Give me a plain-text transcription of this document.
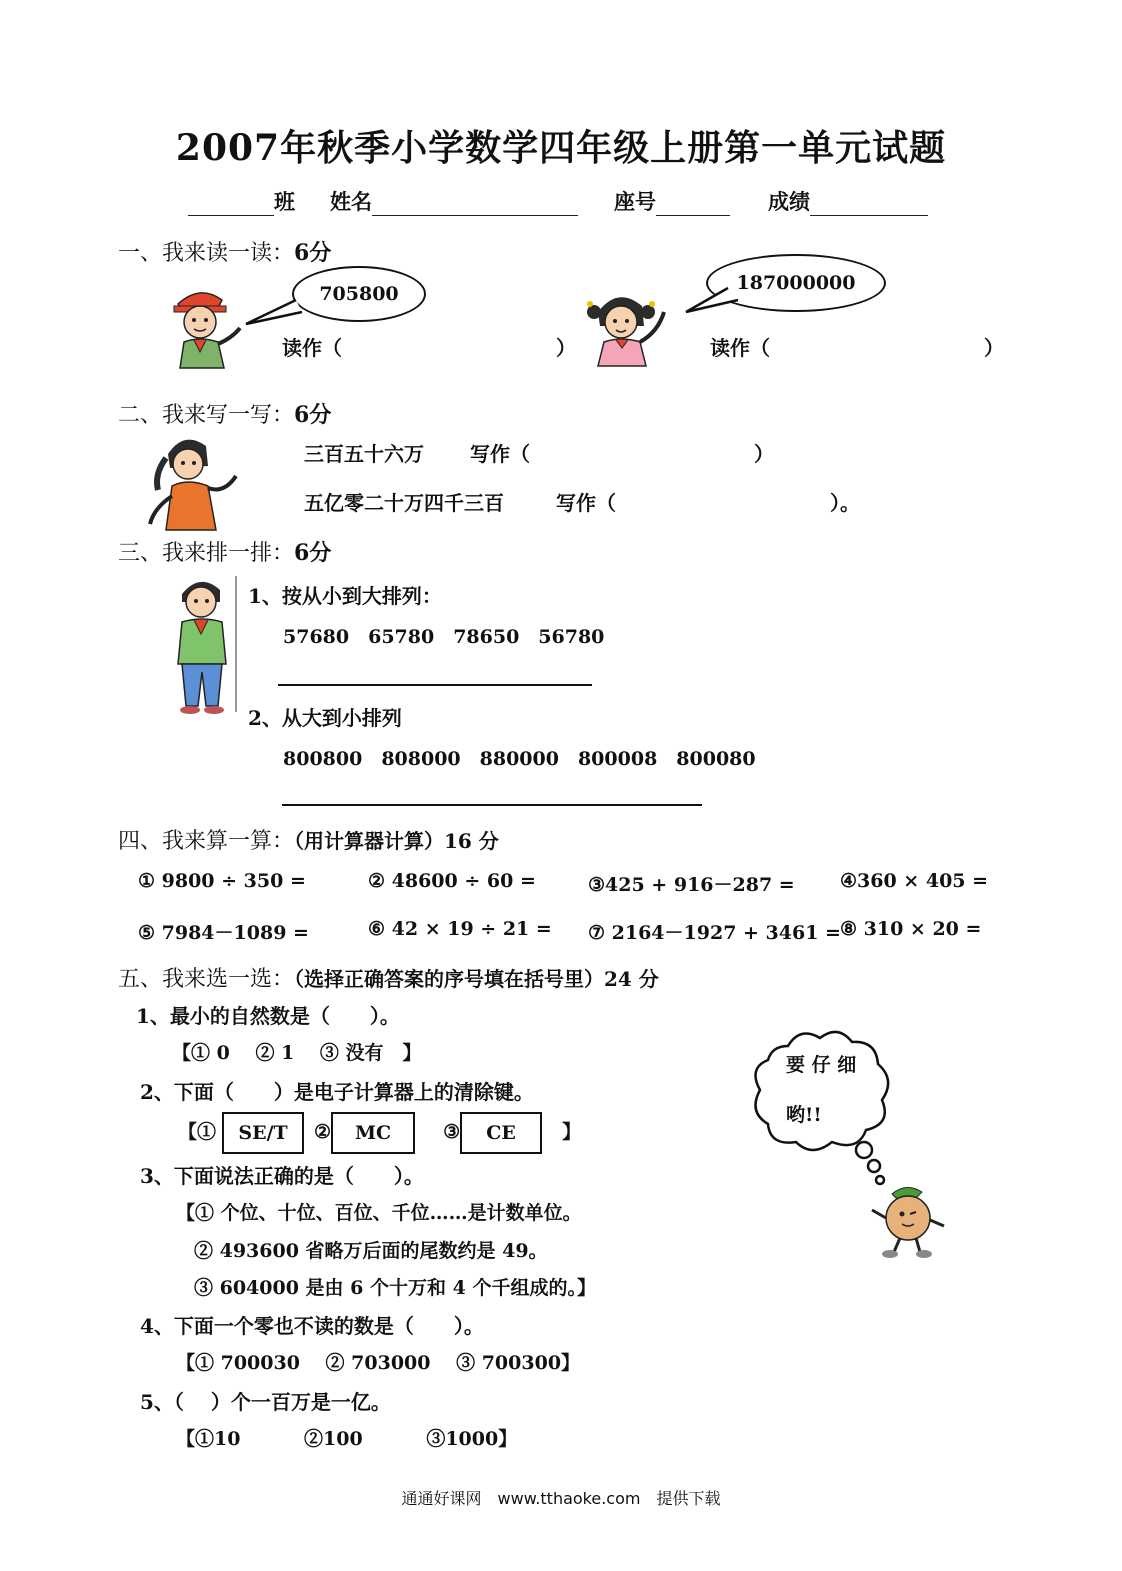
2007年秋季小学数学四年级上册第一单元试题
班 姓名	座号	成绩
一、我来读一读：6分
705800
读作（	）
187000000
读作（	）
二、我来写一写：6分
三百五十六万 写作（	）
五亿零二十万四千三百	写作（	）。
三、我来排一排：6分
1、按从小到大排列：
57680　65780　78650　56780
2、从大到小排列
800800　808000　880000　800008　800080
四、我来算一算：（用计算器计算）16 分
① 9800 ÷ 350 =	② 48600 ÷ 60 =	③425 + 916－287 = ④360 × 405 =
⑤ 7984－1089 =	⑥ 42 × 19 ÷ 21 = ⑦ 2164－1927 + 3461 = ⑧ 310 × 20 =
五、我来选一选：（选择正确答案的序号填在括号里）24 分
1、最小的自然数是（　　）。
【① 0　 ② 1　 ③ 没有　】
2、下面（　　）是电子计算器上的清除键。
【① SE/T ② MC	③ CE 】
3、下面说法正确的是（　　）。
【① 个位、十位、百位、千位……是计数单位。
② 493600 省略万后面的尾数约是 49。
③ 604000 是由 6 个十万和 4 个千组成的。】
4、下面一个零也不读的数是（　　）。
【① 700030　 ② 703000　 ③ 700300】
5、（　 ）个一百万是一亿。
【①10　　　 ②100　　　 ③1000】
要 仔 细
哟!!
通通好课网　www.tthaoke.com　提供下载
